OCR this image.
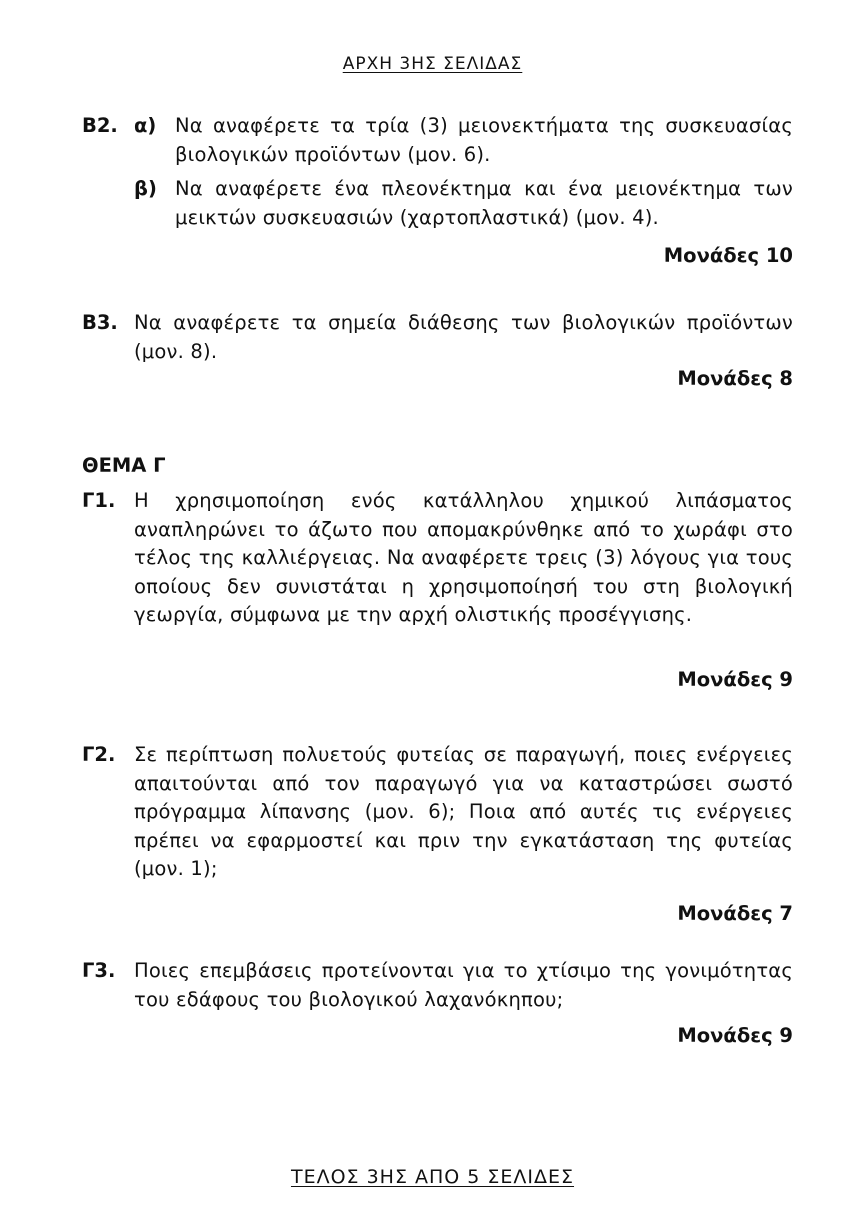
ΑΡΧΗ 3ΗΣ ΣΕΛΙΔΑΣ
Β2. α) Να αναφέρετε τα τρία (3) μειονεκτήματα της συσκευασίας βιολογικών προϊόντων (μον. 6).
β) Να αναφέρετε ένα πλεονέκτημα και ένα μειονέκτημα των μεικτών συσκευασιών (χαρτοπλαστικά) (μον. 4).
Μονάδες 10
Β3. Να αναφέρετε τα σημεία διάθεσης των βιολογικών προϊόντων (μον. 8).
Μονάδες 8
ΘΕΜΑ Γ
Γ1. Η χρησιμοποίηση ενός κατάλληλου χημικού λιπάσματος αναπληρώνει το άζωτο που απομακρύνθηκε από το χωράφι στο τέλος της καλλιέργειας. Να αναφέρετε τρεις (3) λόγους για τους οποίους δεν συνιστάται η χρησιμοποίησή του στη βιολογική γεωργία, σύμφωνα με την αρχή ολιστικής προσέγγισης.
Μονάδες 9
Γ2. Σε περίπτωση πολυετούς φυτείας σε παραγωγή, ποιες ενέργειες απαιτούνται από τον παραγωγό για να καταστρώσει σωστό πρόγραμμα λίπανσης (μον. 6); Ποια από αυτές τις ενέργειες πρέπει να εφαρμοστεί και πριν την εγκατάσταση της φυτείας (μον. 1);
Μονάδες 7
Γ3. Ποιες επεμβάσεις προτείνονται για το χτίσιμο της γονιμότητας του εδάφους του βιολογικού λαχανόκηπου;
Μονάδες 9
ΤΕΛΟΣ 3ΗΣ ΑΠΟ 5 ΣΕΛΙΔΕΣ
